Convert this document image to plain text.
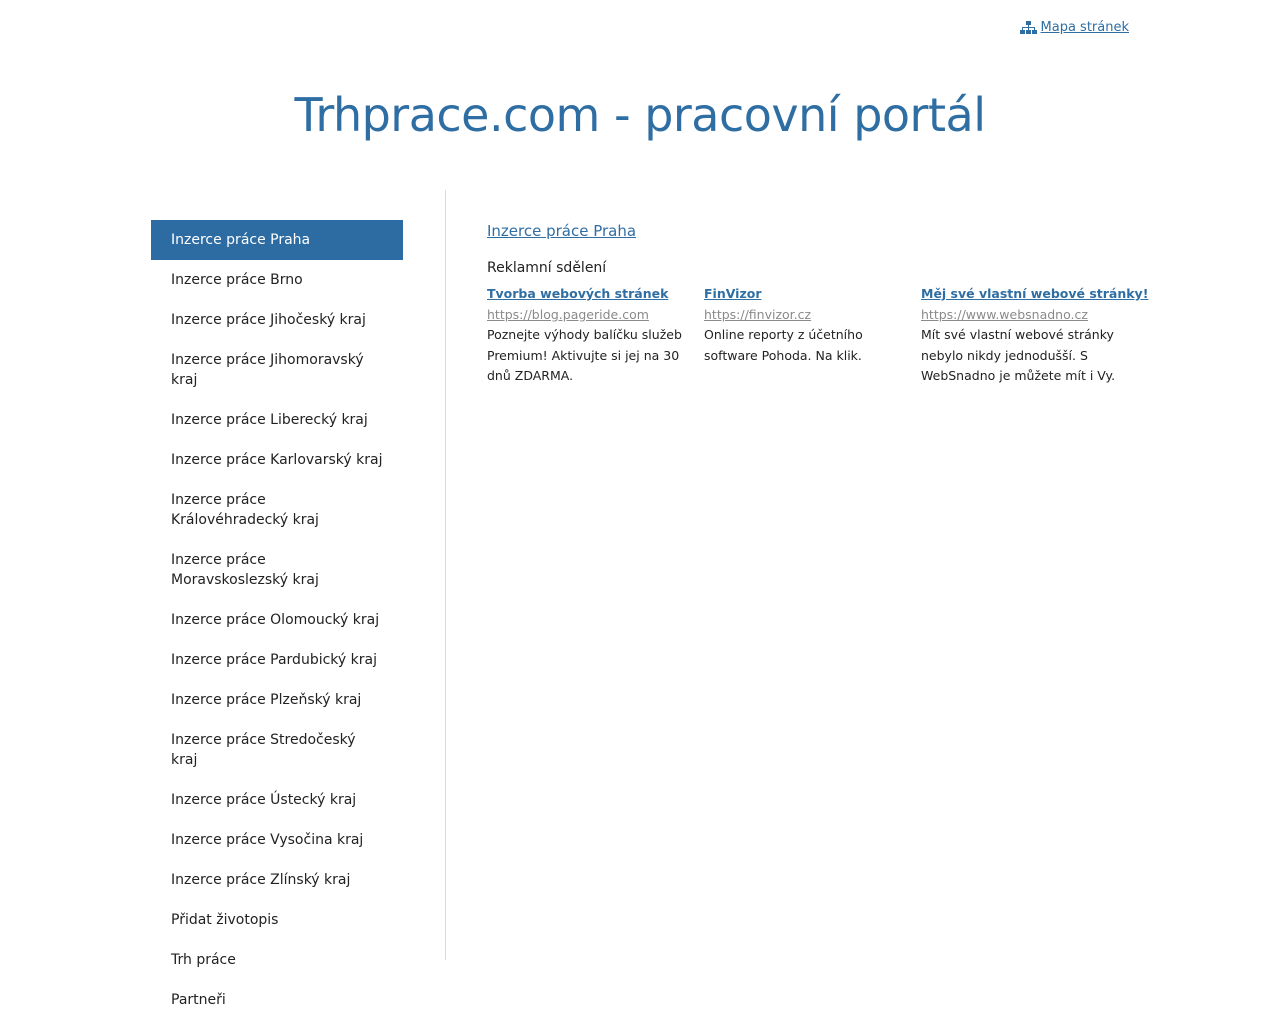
Mapa stránek
Trhprace.com - pracovní portál
Inzerce práce Praha
Inzerce práce Brno
Inzerce práce Jihočeský kraj
Inzerce práce Jihomoravský kraj
Inzerce práce Liberecký kraj
Inzerce práce Karlovarský kraj
Inzerce práce Královéhradecký kraj
Inzerce práce Moravskoslezský kraj
Inzerce práce Olomoucký kraj
Inzerce práce Pardubický kraj
Inzerce práce Plzeňský kraj
Inzerce práce Stredočeský kraj
Inzerce práce Ústecký kraj
Inzerce práce Vysočina kraj
Inzerce práce Zlínský kraj
Přidat životopis
Trh práce
Partneři
Inzerce práce Praha
Reklamní sdělení
Tvorba webových stránek
https://blog.pageride.com
Poznejte výhody balíčku služeb Premium! Aktivujte si jej na 30 dnů ZDARMA.
FinVizor
https://finvizor.cz
Online reporty z účetního software Pohoda. Na klik.
Měj své vlastní webové stránky!
https://www.websnadno.cz
Mít své vlastní webové stránky nebylo nikdy jednodušší. S WebSnadno je můžete mít i Vy.
